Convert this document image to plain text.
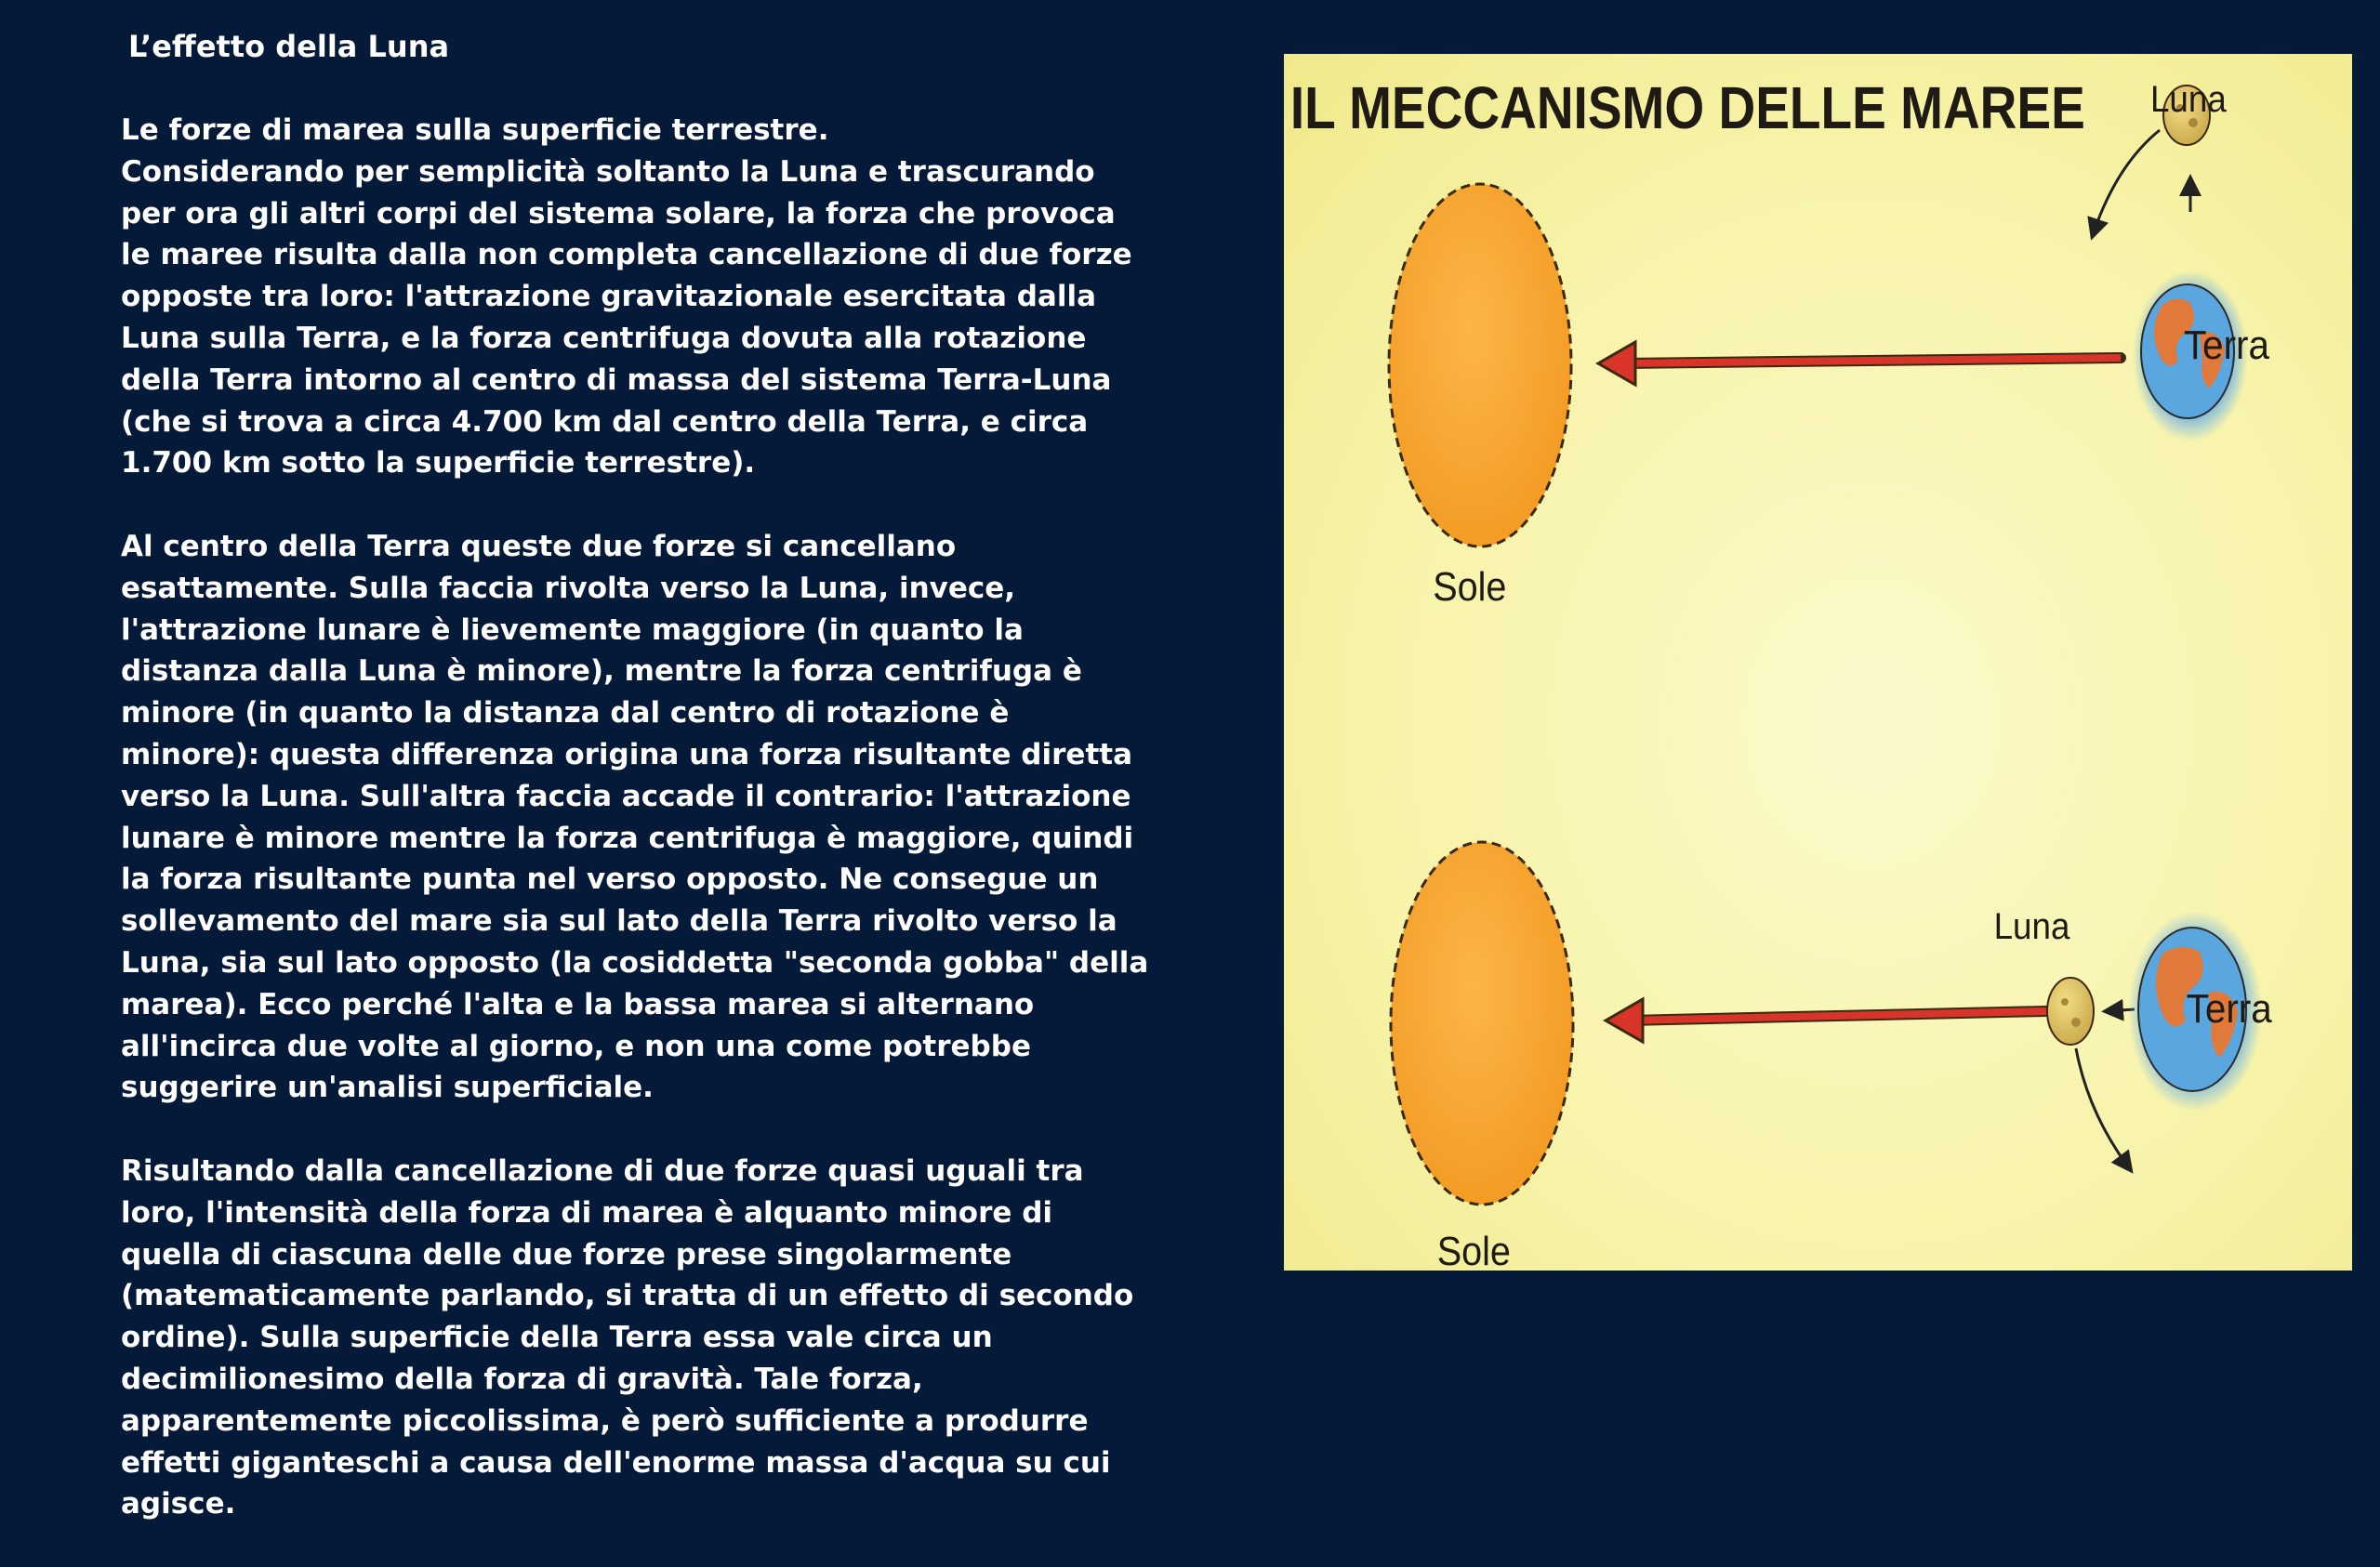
L’effetto della Luna

Le forze di marea sulla superficie terrestre.

Considerando per semplicità soltanto la Luna e trascurando per ora gli altri corpi del sistema solare, la forza che provoca le maree risulta dalla non completa cancellazione di due forze opposte tra loro: l'attrazione gravitazionale esercitata dalla Luna sulla Terra, e la forza centrifuga dovuta alla rotazione della Terra intorno al centro di massa del sistema Terra-Luna (che si trova a circa 4.700 km dal centro della Terra, e circa 1.700 km sotto la superficie terrestre).

Al centro della Terra queste due forze si cancellano esattamente. Sulla faccia rivolta verso la Luna, invece, l'attrazione lunare è lievemente maggiore (in quanto la distanza dalla Luna è minore), mentre la forza centrifuga è minore (in quanto la distanza dal centro di rotazione è minore): questa differenza origina una forza risultante diretta verso la Luna. Sull'altra faccia accade il contrario: l'attrazione lunare è minore mentre la forza centrifuga è maggiore, quindi la forza risultante punta nel verso opposto. Ne consegue un sollevamento del mare sia sul lato della Terra rivolto verso la Luna, sia sul lato opposto (la cosiddetta "seconda gobba" della marea). Ecco perché l'alta e la bassa marea si alternano all'incirca due volte al giorno, e non una come potrebbe suggerire un'analisi superficiale.

Risultando dalla cancellazione di due forze quasi uguali tra loro, l'intensità della forza di marea è alquanto minore di quella di ciascuna delle due forze prese singolarmente (matematicamente parlando, si tratta di un effetto di secondo ordine). Sulla superficie della Terra essa vale circa un decimilionesimo della forza di gravità. Tale forza, apparentemente piccolissima, è però sufficiente a produrre effetti giganteschi a causa dell'enorme massa d'acqua su cui agisce.

IL MECCANISMO DELLE MAREE
Sole
Terra
Luna
Sole
Luna
Terra
